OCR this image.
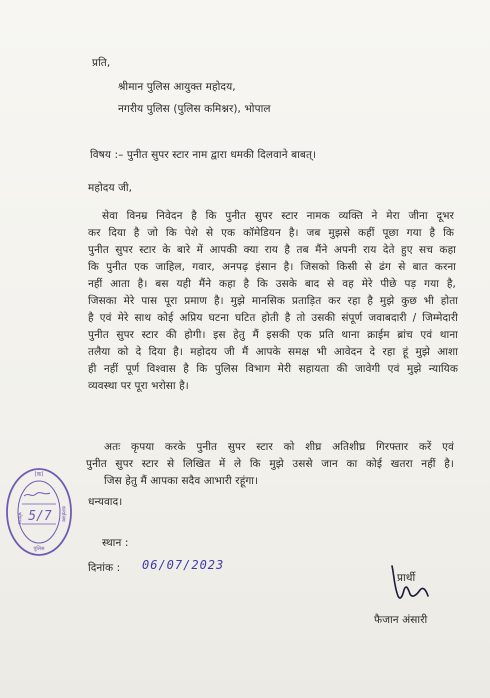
प्रति,
श्रीमान पुलिस आयुक्त महोदय,
नगरीय पुलिस (पुलिस कमिश्नर), भोपाल
विषय :– पुनीत सुपर स्टार नाम द्वारा धमकी दिलवाने बाबत्।
महोदय जी,
सेवा विनम्र निवेदन है कि पुनीत सुपर स्टार नामक व्यक्ति ने मेरा जीना दूभर
कर दिया है जो कि पेशे से एक कॉमेडियन है। जब मुझसे कहीं पूछा गया है कि
पुनीत सुपर स्टार के बारे में आपकी क्या राय है तब मैंने अपनी राय देते हुए सच कहा
कि पुनीत एक जाहिल, गवार, अनपढ़ इंसान है। जिसको किसी से ढंग से बात करना
नहीं आता है। बस यही मैंने कहा है कि उसके बाद से वह मेरे पीछे पड़ गया है,
जिसका मेरे पास पूरा प्रमाण है। मुझे मानसिक प्रताड़ित कर रहा है मुझे कुछ भी होता
है एवं मेरे साथ कोई अप्रिय घटना घटित होती है तो उसकी संपूर्ण जवाबदारी / जिम्मेदारी
पुनीत सुपर स्टार की होगी। इस हेतु मैं इसकी एक प्रति थाना क्राईम ब्रांच एवं थाना
तलैया को दे दिया है। महोदय जी मैं आपके समक्ष भी आवेदन दे रहा हूं मुझे आशा
ही नहीं पूर्ण विश्वास है कि पुलिस विभाग मेरी सहायता की जावेगी एवं मुझे न्यायिक
व्यवस्था पर पूरा भरोसा है।
अतः कृपया करके पुनीत सुपर स्टार को शीघ्र अतिशीघ्र गिरफ्तार करें एवं
पुनीत सुपर स्टार से लिखित में ले कि मुझे उससे जान का कोई खतरा नहीं है।
जिस हेतु मैं आपका सदैव आभारी रहूंगा।
धन्यवाद।
स्थान :
दिनांक : 06/07/2023
प्रार्थी
फैजान अंसारी
(क)
भोपाल	कार्यालय
पुलिस
5/7
